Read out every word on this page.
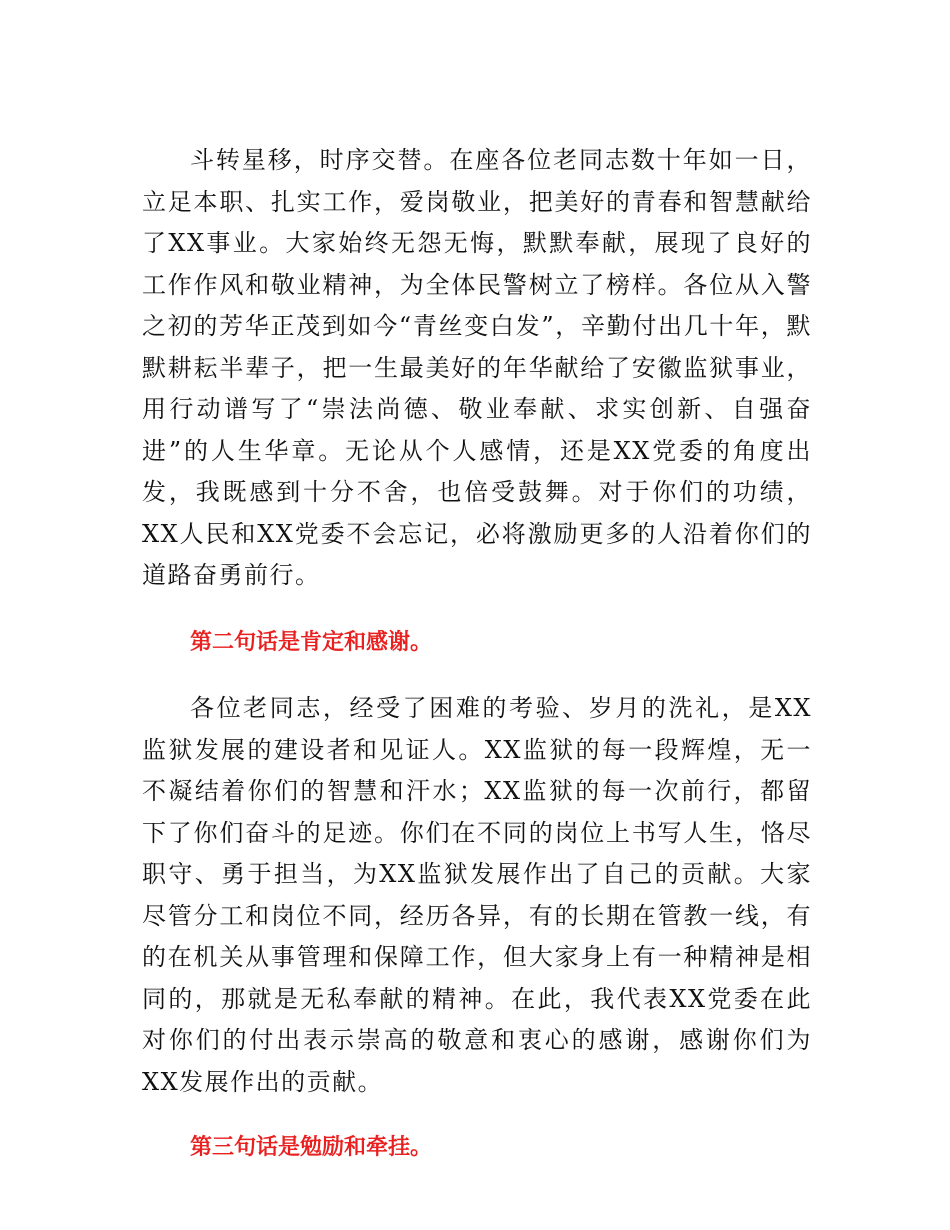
斗转星移，时序交替。在座各位老同志数十年如一日，立足本职、扎实工作，爱岗敬业，把美好的青春和智慧献给了XX事业。大家始终无怨无悔，默默奉献，展现了良好的工作作风和敬业精神，为全体民警树立了榜样。各位从入警之初的芳华正茂到如今“青丝变白发”，辛勤付出几十年，默默耕耘半辈子，把一生最美好的年华献给了安徽监狱事业，用行动谱写了“崇法尚德、敬业奉献、求实创新、自强奋进”的人生华章。无论从个人感情，还是XX党委的角度出发，我既感到十分不舍，也倍受鼓舞。对于你们的功绩，XX人民和XX党委不会忘记，必将激励更多的人沿着你们的道路奋勇前行。

第二句话是肯定和感谢。

各位老同志，经受了困难的考验、岁月的洗礼，是XX监狱发展的建设者和见证人。XX监狱的每一段辉煌，无一不凝结着你们的智慧和汗水；XX监狱的每一次前行，都留下了你们奋斗的足迹。你们在不同的岗位上书写人生，恪尽职守、勇于担当，为XX监狱发展作出了自己的贡献。大家尽管分工和岗位不同，经历各异，有的长期在管教一线，有的在机关从事管理和保障工作，但大家身上有一种精神是相同的，那就是无私奉献的精神。在此，我代表XX党委在此对你们的付出表示崇高的敬意和衷心的感谢，感谢你们为XX发展作出的贡献。

第三句话是勉励和牵挂。
